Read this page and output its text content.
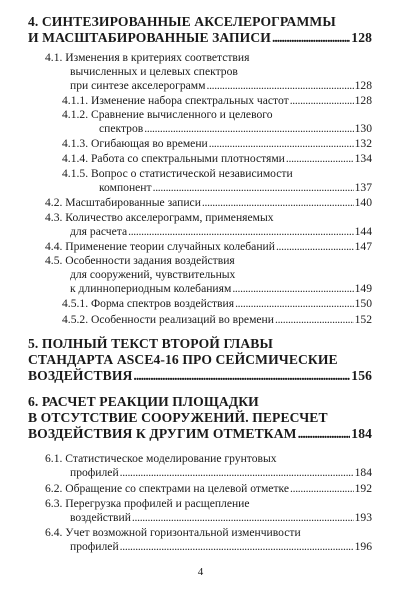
4. СИНТЕЗИРОВАННЫЕ АКСЕЛЕРОГРАММЫ
И МАСШТАБИРОВАННЫЕ ЗАПИСИ . . .	128
4.1. Изменения в критериях соответствия
вычисленных и целевых спектров
при синтезе акселерограмм . . .	128
4.1.1. Изменение набора спектральных частот . . .	128
4.1.2. Сравнение вычисленного и целевого
спектров . . .	130
4.1.3. Огибающая во времени . . .	132
4.1.4. Работа со спектральными плотностями . . .	134
4.1.5. Вопрос о статистической независимости
компонент . . .	137
4.2. Масштабированные записи . . .	140
4.3. Количество акселерограмм, применяемых
для расчета . . .	144
4.4. Применение теории случайных колебаний . . .	147
4.5. Особенности задания воздействия
для сооружений, чувствительных
к длиннопериодным колебаниям . . .	149
4.5.1. Форма спектров воздействия . . .	150
4.5.2. Особенности реализаций во времени . . .	152
5. ПОЛНЫЙ ТЕКСТ ВТОРОЙ ГЛАВЫ
СТАНДАРТА ASCE4-16 ПРО СЕЙСМИЧЕСКИЕ
ВОЗДЕЙСТВИЯ . . .	156
6. РАСЧЕТ РЕАКЦИИ ПЛОЩАДКИ
В ОТСУТСТВИЕ СООРУЖЕНИЙ. ПЕРЕСЧЕТ
ВОЗДЕЙСТВИЯ К ДРУГИМ ОТМЕТКАМ . . .	184
6.1. Статистическое моделирование грунтовых
профилей . . .	184
6.2. Обращение со спектрами на целевой отметке . . .	192
6.3. Перегрузка профилей и расщепление
воздействий . . .	193
6.4. Учет возможной горизонтальной изменчивости
профилей . . .	196
4
